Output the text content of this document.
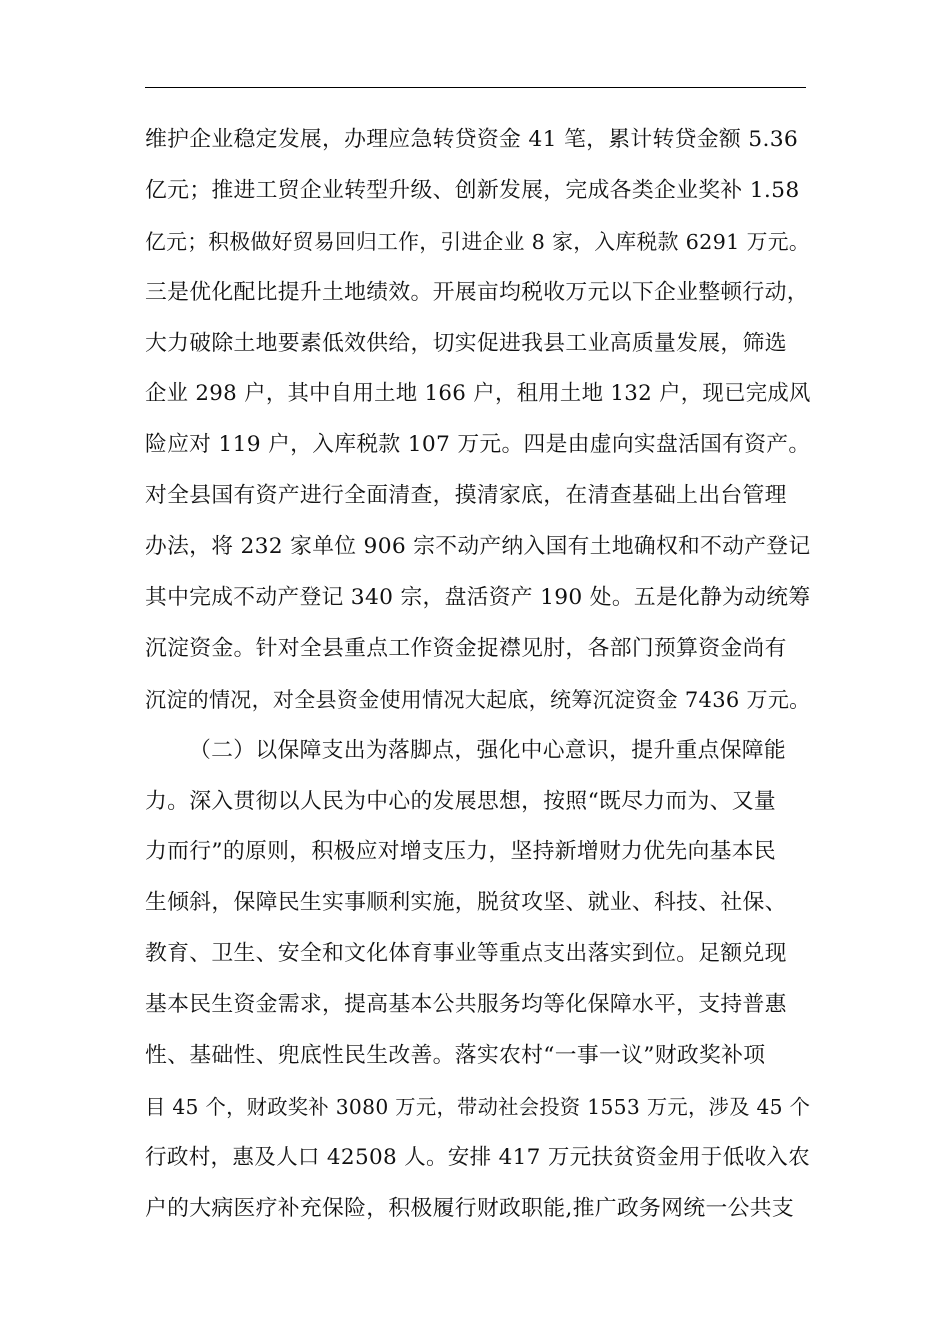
维护企业稳定发展，办理应急转贷资金 41 笔，累计转贷金额 5.36
亿元；推进工贸企业转型升级、创新发展，完成各类企业奖补 1.58
亿元；积极做好贸易回归工作，引进企业 8 家，入库税款 6291 万元。
三是优化配比提升土地绩效。开展亩均税收万元以下企业整顿行动，
大力破除土地要素低效供给，切实促进我县工业高质量发展，筛选
企业 298 户，其中自用土地 166 户，租用土地 132 户，现已完成风
险应对 119 户，入库税款 107 万元。四是由虚向实盘活国有资产。
对全县国有资产进行全面清查，摸清家底，在清查基础上出台管理
办法，将 232 家单位 906 宗不动产纳入国有土地确权和不动产登记
其中完成不动产登记 340 宗，盘活资产 190 处。五是化静为动统筹
沉淀资金。针对全县重点工作资金捉襟见肘，各部门预算资金尚有
沉淀的情况，对全县资金使用情况大起底，统筹沉淀资金 7436 万元。
（二）以保障支出为落脚点，强化中心意识，提升重点保障能
力。深入贯彻以人民为中心的发展思想，按照“既尽力而为、又量
力而行”的原则，积极应对增支压力，坚持新增财力优先向基本民
生倾斜，保障民生实事顺利实施，脱贫攻坚、就业、科技、社保、
教育、卫生、安全和文化体育事业等重点支出落实到位。足额兑现
基本民生资金需求，提高基本公共服务均等化保障水平，支持普惠
性、基础性、兜底性民生改善。落实农村“一事一议”财政奖补项
目 45 个，财政奖补 3080 万元，带动社会投资 1553 万元，涉及 45 个
行政村，惠及人口 42508 人。安排 417 万元扶贫资金用于低收入农
户的大病医疗补充保险，积极履行财政职能,推广政务网统一公共支
